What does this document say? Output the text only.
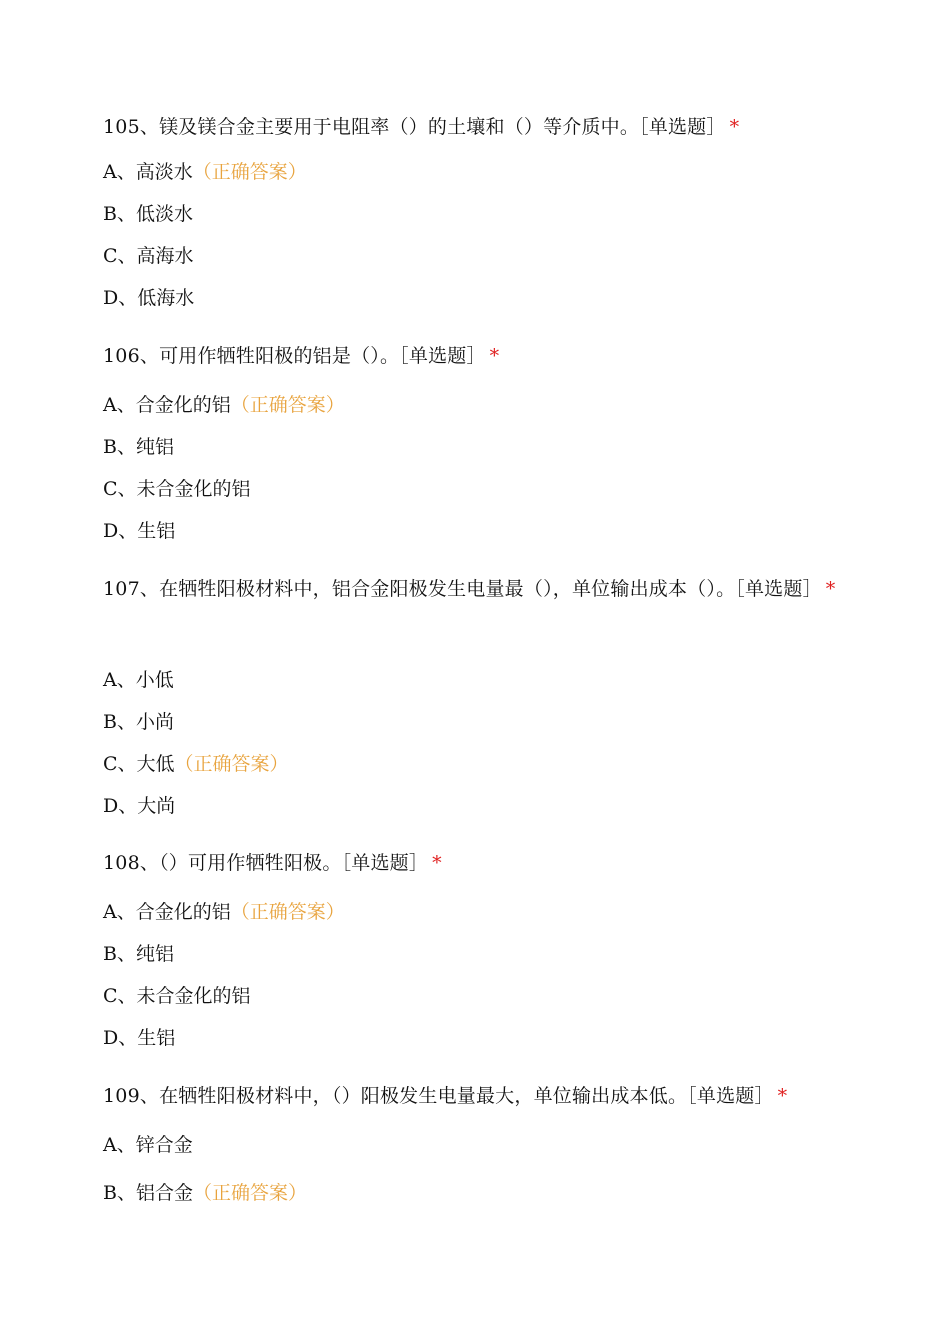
105、镁及镁合金主要用于电阻率（）的土壤和（）等介质中。［单选题］ *
A、高淡水（正确答案）
B、低淡水
C、高海水
D、低海水
106、可用作牺牲阳极的铝是（）。［单选题］ *
A、合金化的铝（正确答案）
B、纯铝
C、未合金化的铝
D、生铝
107、在牺牲阳极材料中，铝合金阳极发生电量最（），单位输出成本（）。［单选题］ *
A、小低
B、小尚
C、大低（正确答案）
D、大尚
108、（）可用作牺牲阳极。［单选题］ *
A、合金化的铝（正确答案）
B、纯铝
C、未合金化的铝
D、生铝
109、在牺牲阳极材料中，（）阳极发生电量最大，单位输出成本低。［单选题］ *
A、锌合金
B、铝合金（正确答案）
